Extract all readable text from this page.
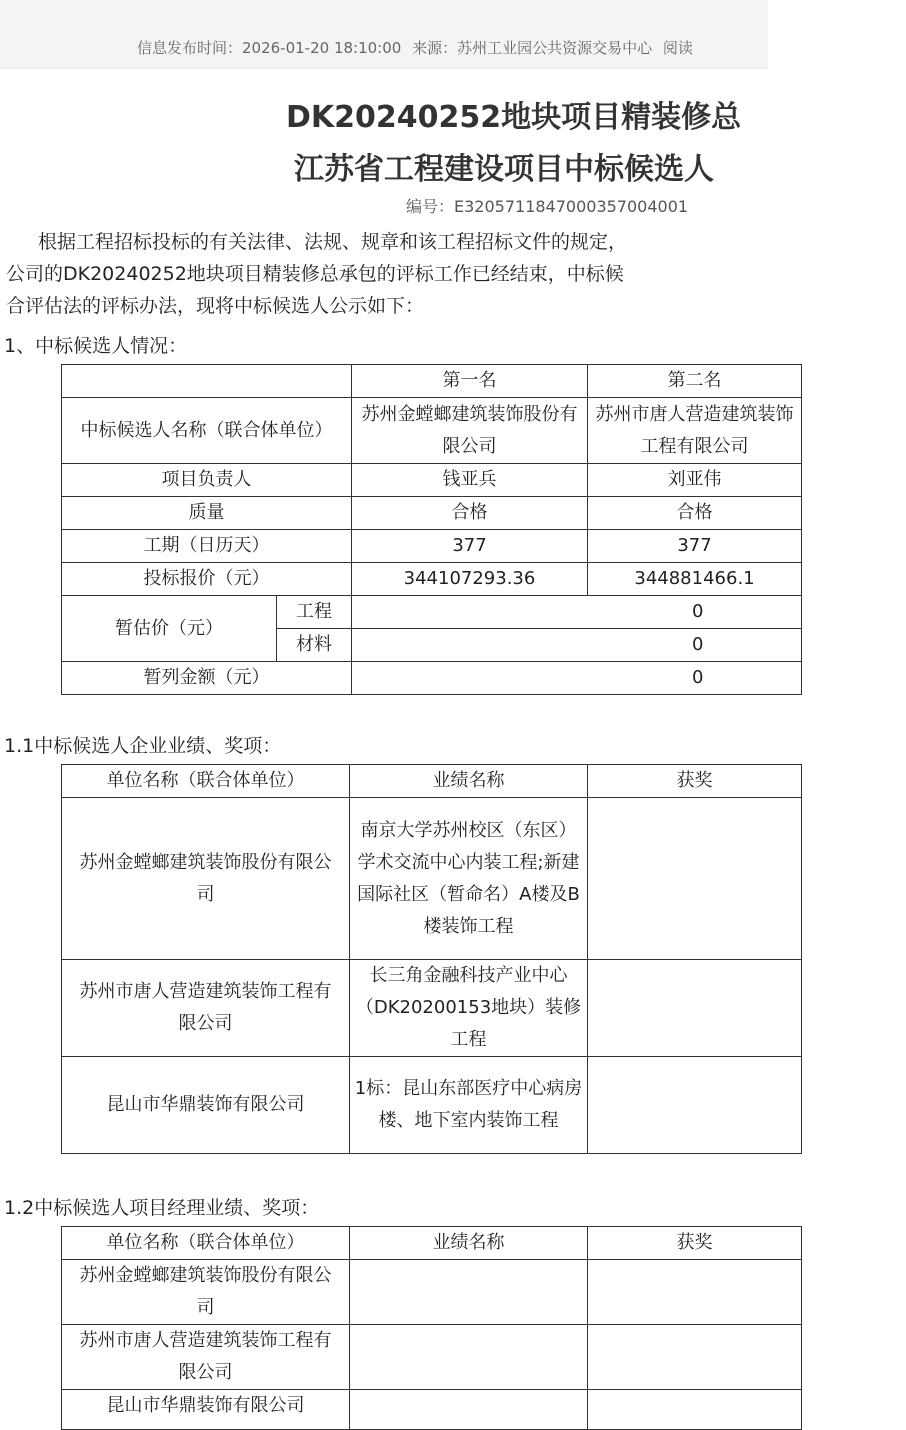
信息发布时间：2026-01-20 18:10:00 来源：苏州工业园公共资源交易中心 阅读
DK20240252地块项目精装修总
江苏省工程建设项目中标候选人
编号：E3205711847000357004001

根据工程招标投标的有关法律、法规、规章和该工程招标文件的规定，

公司的DK20240252地块项目精装修总承包的评标工作已经结束，中标候

合评估法的评标办法，现将中标候选人公示如下：

1、中标候选人情况：
		第一名	第二名
中标候选人名称（联合体单位）		苏州金螳螂建筑装饰股份有限公司	苏州市唐人营造建筑装饰工程有限公司
项目负责人		钱亚兵	刘亚伟
质量		合格	合格
工期（日历天）		377	377
投标报价（元）		344107293.36	344881466.1
暂估价（元）	工程	0	
	材料	0	
暂列金额（元）		0	
1.1中标候选人企业业绩、奖项：
单位名称（联合体单位）	业绩名称	获奖
苏州金螳螂建筑装饰股份有限公司	南京大学苏州校区（东区）学术交流中心内装工程;新建国际社区（暂命名）A楼及B楼装饰工程	
苏州市唐人营造建筑装饰工程有限公司	长三角金融科技产业中心（DK20200153地块）装修工程	
昆山市华鼎装饰有限公司	1标：昆山东部医疗中心病房楼、地下室内装饰工程	
1.2中标候选人项目经理业绩、奖项：
单位名称（联合体单位）	业绩名称	获奖
苏州金螳螂建筑装饰股份有限公司		
苏州市唐人营造建筑装饰工程有限公司		
昆山市华鼎装饰有限公司		
